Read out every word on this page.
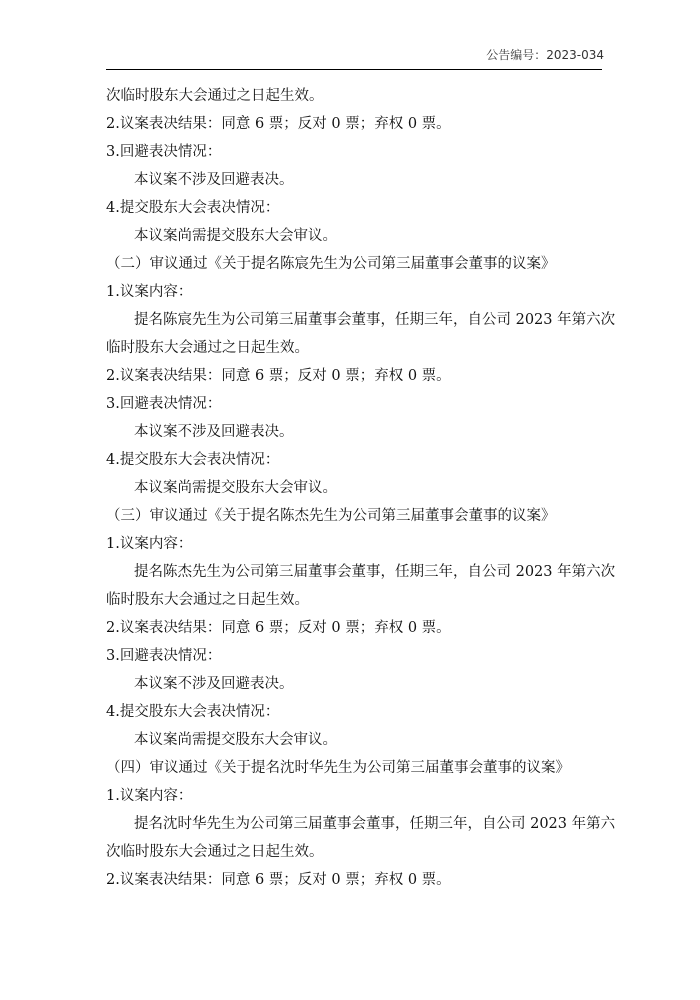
公告编号：2023-034
次临时股东大会通过之日起生效。
2.议案表决结果：同意 6 票；反对 0 票；弃权 0 票。
3.回避表决情况：
本议案不涉及回避表决。
4.提交股东大会表决情况：
本议案尚需提交股东大会审议。
（二）审议通过《关于提名陈宸先生为公司第三届董事会董事的议案》
1.议案内容：
提名陈宸先生为公司第三届董事会董事，任期三年，自公司 2023 年第六次
临时股东大会通过之日起生效。
2.议案表决结果：同意 6 票；反对 0 票；弃权 0 票。
3.回避表决情况：
本议案不涉及回避表决。
4.提交股东大会表决情况：
本议案尚需提交股东大会审议。
（三）审议通过《关于提名陈杰先生为公司第三届董事会董事的议案》
1.议案内容：
提名陈杰先生为公司第三届董事会董事，任期三年，自公司 2023 年第六次
临时股东大会通过之日起生效。
2.议案表决结果：同意 6 票；反对 0 票；弃权 0 票。
3.回避表决情况：
本议案不涉及回避表决。
4.提交股东大会表决情况：
本议案尚需提交股东大会审议。
（四）审议通过《关于提名沈时华先生为公司第三届董事会董事的议案》
1.议案内容：
提名沈时华先生为公司第三届董事会董事，任期三年，自公司 2023 年第六
次临时股东大会通过之日起生效。
2.议案表决结果：同意 6 票；反对 0 票；弃权 0 票。
